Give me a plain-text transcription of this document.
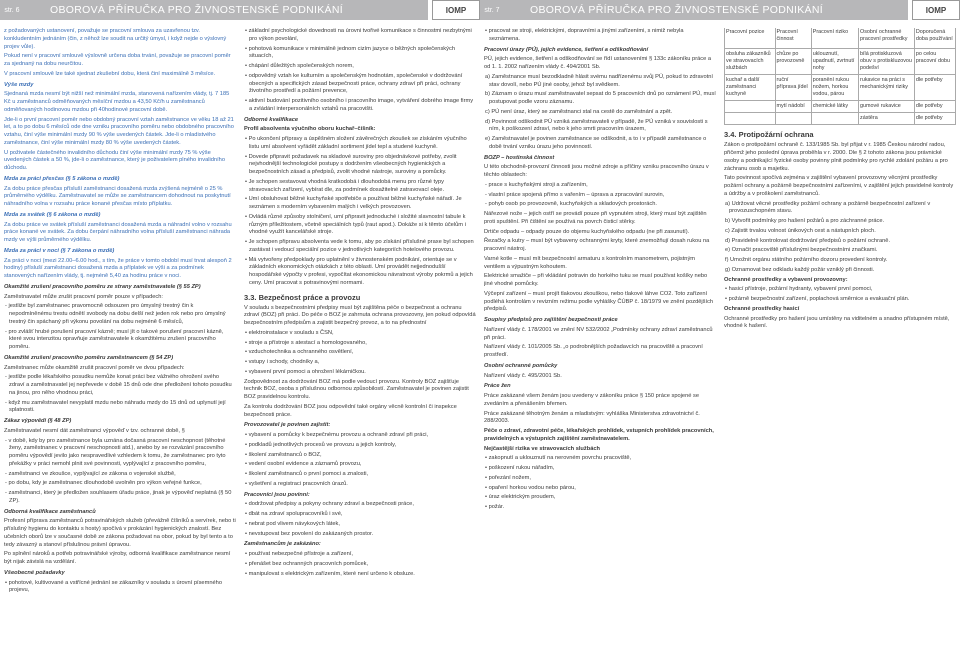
str. 6	OBOROVÁ PŘÍRUČKA PRO ŽIVNOSTENSKÉ PODNIKÁNÍ	IOMP

z požadovaných ustanovení, považuje se pracovní smlouva za uzavřenou tzv. konkludentním jednáním (čin, z něhož lze soudit na určitý úmysl, i když nejde o výslovný projev vůle).

Pokud není v pracovní smlouvě výslovně určena doba trvání, považuje se pracovní poměr za sjednaný na dobu neurčitou.

V pracovní smlouvě lze také sjednat zkušební dobu, která činí maximálně 3 měsíce.

Výše mzdy

Sjednaná mzda nesmí být nižší než minimální mzda, stanovená nařízením vlády, tj. 7 185 Kč u zaměstnanců odměňovaných měsíční mzdou a 43,50 Kč/h u zaměstnanců odměňovaných hodinovou mzdou při 40hodinové pracovní době.

Jde-li o první pracovní poměr nebo obdobný pracovní vztah zaměstnance ve věku 18 až 21 let, a to po dobu 6 měsíců ode dne vzniku pracovního poměru nebo obdobného pracovního vztahu, činí výše minimální mzdy 90 % výše uvedených částek. Jde-li o mladistvého zaměstnance, činí výše minimální mzdy 80 % výše uvedených částek.

U poživatele částečného invalidního důchodu činí výše minimální mzdy 75 % výše uvedených částek a 50 %, jde-li o zaměstnance, který je poživatelem plného invalidního důchodu.

Mzda za práci přesčas (§ 5 zákona o mzdě)

Za dobu práce přesčas přísluší zaměstnanci dosažená mzda zvýšená nejméně o 25 % průměrného výdělku. Zaměstnavatel se může se zaměstnancem dohodnout na poskytnutí náhradního volna v rozsahu práce konané přesčas místo příplatku.

Mzda za svátek (§ 6 zákona o mzdě)

Za dobu práce ve svátek přísluší zaměstnanci dosažená mzda a náhradní volno v rozsahu práce konané ve svátek. Za dobu čerpání náhradního volna přísluší zaměstnanci náhrada mzdy ve výši průměrného výdělku.

Mzda za práci v noci (§ 7 zákona o mzdě)

Za práci v noci (mezi 22.00–6.00 hod., s tím, že práce v tomto období musí trvat alespoň 2 hodiny) přísluší zaměstnanci dosažená mzda a příplatek ve výši a za podmínek stanovených nařízením vlády, tj. nejméně 5,40 za hodinu práce v noci.

Okamžité zrušení pracovního poměru ze strany zaměstnavatele (§ 55 ZP)

Zaměstnavatel může zrušit pracovní poměr pouze v případech:

- jestliže byl zaměstnanec pravomocně odsouzen pro úmyslný trestný čin k nepodmíněnému trestu odnětí svobody na dobu delší než jeden rok nebo pro úmyslný trestný čin spáchaný při výkonu povolání na dobu nejméně 6 měsíců,

- pro zvlášť hrubé porušení pracovní kázně; musí jít o takové porušení pracovní kázně, které svou intenzitou opravňuje zaměstnavatele k okamžitému zrušení pracovního poměru.

Okamžité zrušení pracovního poměru zaměstnancem (§ 54 ZP)

Zaměstnanec může okamžitě zrušit pracovní poměr ve dvou případech:

- jestliže podle lékařského posudku nemůže konat práci bez vážného ohrožení svého zdraví a zaměstnavatel jej nepřevede v době 15 dnů ode dne předložení tohoto posudku na jinou, pro něho vhodnou práci,

- když mu zaměstnavatel nevyplatil mzdu nebo náhradu mzdy do 15 dnů od uplynutí její splatnosti.

Zákaz výpovědi (§ 48 ZP)

Zaměstnavatel nesmí dát zaměstnanci výpověď v tzv. ochranné době, §

- v době, kdy by pro zaměstnance byla uznána dočasná pracovní neschopnost (těhotné ženy, zaměstnanec v pracovní neschopnosti atd.), anebo by se rozvázání pracovního poměru výpovědí jevilo jako nespravedlivé vzhledem k tomu, že zaměstnanec pro tyto překážky v práci nemohl plnit své povinnosti, vyplývající z pracovního poměru,

- zaměstnanci ve zkoušce, vyplývající ze zákona o vojenské službě,

- po dobu, kdy je zaměstnanec dlouhodobě uvolněn pro výkon veřejné funkce,

- zaměstnanci, který je předložen souhlasem úřadu práce, jinak je výpověď neplatná (§ 50 ZP).

Odborná kvalifikace zaměstnanců

Profesní příprava zaměstnanců potravinářských služeb (převážně číšníků a servírek, nebo ti příslušný hygienu do kontaktu s hosty) spočívá v prokázání hygienických znalostí. Bez učebních oborů lze v současné době ze zákona požadovat na obor, pokud by byl tento a to tedy závazný a stanoví příslušnou právní úpravou.

Po splnění nároků a potřeb potravinářské výroby, odborná kvalifikace zaměstnance nesmí být nijak závislá na vzdělání.

Všeobecné požadavky

• pohotové, kultivované a vstřícné jednání se zákazníky v souladu s úrovní písemného projevu,

• základní psychologické dovednosti na úrovni tvořivé komunikace s činnostmi nezbytnými pro výkon povolání,

• pohotová komunikace v minimálně jednom cizím jazyce o běžných společenských situacích,

• chápání důležitých společenských norem,

• odpovědný vztah ke kulturním a společenským hodnotám, společenské v dodržování obecných a specifických zásad bezpečnosti práce, ochrany zdraví při práci, ochrany životního prostředí a požární prevence,

• aktivní budování pozitivního osobního i pracovního image, vytváření dobrého image firmy a zvládání interpersonálních vztahů na pracovišti.

Odborné kvalifikace

Profil absolventa výučního oboru kuchař–číšník:

• Po ukončení přípravy a úspěšném složení závěrečných zkoušek se získáním výučního listu umí absolvent vyřádět základní sortiment jídel tepl a studené kuchyně.

• Dovede připravit požadavek na skladové suroviny pro objednávkové potřeby, zvolit nejvhodnější technologické postupy s dodržením všeobecných hygienických a bezpečnostních zásad a předpisů, zvolit vhodné nástroje, suroviny a pomůcky.

• Je schopen sestavovat vhodná kratkodobá i dlouhodobá menu pro různé typy stravovacích zařízení, vybírat dle, za podmínek dosažitelné zatravovací oleje.

• Umí obsluhovat běžné kuchyňské spotřebiče a používat běžné kuchyňské nářadí. Je seznámen s moderním vybavením malých i velkých provozoven.

• Ovládá různé způsoby stolničení, umí připravit jednoduché i složité slavnostní tabule k různým příležitostem, včetně speciálních typů (raut apod.). Dokáže si k těmto účelům i vhodné využít kancelářské stroje.

• Je schopen připravu absolventa vede k tomu, aby po získání příslušné praxe byl schopen zastávat i vedoucí speciální pozice v jednotlivých kategoriích hotelového provozu.

• Má vytvořeny předpoklady pro uplatnění v živnostenském podnikání, orientuje se v základních ekonomických otázkách z této oblasti. Umí provádět nejjednodušší hospodářské výpočty v profesi, vypočítat ekonomickou návratnost výroby pokrmů a jejich ceny. Umí pracovat s potravinovými normami.

3.3. Bezpečnost práce a provozu

V souladu s bezpečnostními předpisy musí být zajištěna péče o bezpečnost a ochranu zdraví (BOZ) při práci. Do péče o BOZ je zahrnuta ochrana provozovny, jen pokud odpovídá bezpečnostním předpisům a zajistit bezpečný provoz, a to na přednostní

• elektroinstalace v souladu s ČSN,

• stroje a přístroje s atestací a homologovaného,

• vzduchotechnika a ochranného osvětlení,

• vstupy i schody, chodníky a,

• vybavení první pomoci a ohrožení lékárničkou.

Zodpovědnost za dodržování BOZ má podle vedoucí provozu. Kontroly BOZ zajišťuje technik BOZ, osoba s příslušnou odbornou způsobilostí. Zaměstnavatel je povinen zajistit BOZ pravidelnou kontrolu.

Za kontrolu dodržování BOZ jsou odpovědní také orgány věcně kontrolní či inspekce bezpečnosti práce.

Provozovatel je povinen zajistit:

• vybavení a pomůcky k bezpečnému provozu a ochraně zdraví při práci,

• podkladů jednotlivých procesů ve provozu a jejich kontroly,

• školení zaměstnanců o BOZ,

• vedení osobní evidence a záznamů provozu,

• školení zaměstnanců o první pomoci a znalosti,

• vyšetření a registraci pracovních úrazů.

Pracovníci jsou povinni:

• dodržovat předpisy a pokyny ochrany zdraví a bezpečnosti práce,

• dbát na zdraví spolupracovníků i své,

• nebrat pod vlivem návykových látek,

• nevstupovat bez povolení do zakázaných prostor.

Zaměstnancům je zakázáno:

• používat nebezpečné přístroje a zařízení,

• přenášet bez ochranných pracovních pomůcek,

• manipulovat s elektrickým zařízením, které není určeno k obsluze.

str. 7	OBOROVÁ PŘÍRUČKA PRO ŽIVNOSTENSKÉ PODNIKÁNÍ	IOMP

• pracovat se stroji, elektrickými, dopravními a jinými zařízeními, s nimiž nebyla seznámena.

Pracovní úrazy (PÚ), jejich evidence, šetření a odškodňování

PÚ, jejich evidence, šetření a odškodňování se řídí ustanoveními § 133c zákoníku práce a od 1. 1. 2002 nařízením vlády č. 494/2001 Sb.

a) Zaměstnance musí bezodkladně hlásit svému nadřízenému svůj PÚ, pokud to zdravotní stav dovolí, nebo PÚ jiné osoby, jehož byl svědkem.

b) Záznam o úrazu musí zaměstnavatel sepsat do 5 pracovních dnů po oznámení PÚ, musí postupovat podle vzoru záznamu.

c) PÚ není úraz, který se zaměstnanci stal na cestě do zaměstnání a zpět.

d) Povinnost odškodnit PÚ vzniká zaměstnavateli v případě, že PÚ vzniká v souvislosti s ním, k poškození zdraví, nebo k jeho smrti pracovním úrazem,

e) Zaměstnavatel je povinen zaměstnance se odškodnit, a to i v případě zaměstnance o době trvání vzniku úrazu jeho povinností.

BOZP – hostinská činnost

U této obchodně-provozní činnosti jsou možné zdroje a příčiny vzniku pracovního úrazu v těchto oblastech:

- prace s kuchyňskými stroji a zařízením,

- vlastní práce spojená přímo s vařením – úprava a zpracování surovin,

- pohyb osob po provozovně, kuchyňských a skladových prostorách.

Nářezové nože – jejich ostří se provádí pouze při vypnutém stroji, který musí být zajištěn proti spuštění. Při čištění se používá na povrch čisticí stěrky.

Drtiče odpadu – odpady pouze do objemu kuchyňského odpadu (ne při zasunutí).

Řezačky a kutry – musí být vybaveny ochrannými kryty, které znemožňují dosah rukou na pracovní nástroj.

Varné kotle – musí mít bezpečnostní armaturu s kontrolním manometrem, pojistným ventilem a výpustným kohoutem.

Elektrické smažiče – při vkládání potravin do horkého tuku se musí používat košíky nebo jiné vhodné pomůcky.

Výčepní zařízení – musí projít tlakovou zkouškou, nebo tlakové láhve CO2. Toto zařízení podléhá kontrolám v revizním režimu podle vyhlášky ČÚBP č. 18/1979 ve znění pozdějších předpisů.

Soupisy předpisů pro zajištění bezpečnosti práce

Nařízení vlády č. 178/2001 ve znění NV 532/2002 „Podmínky ochrany zdraví zaměstnanců při práci.

Nařízení vlády č. 101/2005 Sb. „o podrobnějších požadavcích na pracoviště a pracovní prostředí.

Osobní ochranné pomůcky

Nařízení vlády č. 495/2001 Sb.

Práce žen

Práce zakázané všem ženám jsou uvedeny v zákoníku práce § 150 práce spojené se zvedáním a přenášením břemen.

Práce zakázané těhotným ženám a mladistvým: vyhláška Ministerstva zdravotnictví č. 288/2003.

Péče o zdraví, zdravotní péče, lékařských prohlídek, vstupních prohlídek pracovních, pravidelných a výstupních zajištění zaměstnavatelem.

Nejčastější rizika ve stravovacích službách

• zakopnutí a uklouznutí na nerovném povrchu pracoviště,

• poškození rukou nářadím,

• pořezání nožem,

• opaření horkou vodou nebo párou,

• úraz elektrickým proudem,

• požár.

Pracovní pozice	Pracovní činnost	Pracovní riziko	Osobní ochranné pracovní prostředky	Doporučená doba používání
obsluha zákazníků ve stravovacích službách	chůze po provozovně	uklouznutí, upadnutí, zvrtnutí nohy	bílá protiskluzová obuv s protiskluzovou podešví	po celou pracovní dobu
kuchař a další zaměstnanci kuchyně	ruční příprava jídel	poranění rukou nožem, horkou vodou, párou	rukavice na práci s mechanickými riziky	dle potřeby
	mytí nádobí	chemické látky	gumové rukavice	dle potřeby
			zástěra	dle potřeby

3.4. Protipožární ochrana

Zákon o protipožární ochraně č. 133/1985 Sb. byl přijat v r. 1985 Českou národní radou, přičemž jeho poslední úprava proběhla v r. 2000. Dle § 2 tohoto zákona jsou právnické osoby a podnikající fyzické osoby povinny plnit podmínky pro rychlé zdolání požáru a pro záchranu osob a majetku.

Tato povinnost spočívá zejména v zajištění vybavení provozovny věcnými prostředky požární ochrany a požárně bezpečnostními zařízeními, v zajištění jejich pravidelné kontroly a údržby a v proškolení zaměstnanců.

a) Udržovat věcné prostředky požární ochrany a požárně bezpečnostní zařízení v provozuschopném stavu.

b) Vytvořit podmínky pro hašení požárů a pro záchranné práce.

c) Zajistit trvalou volnost únikových cest a nástupních ploch.

d) Pravidelně kontrolovat dodržování předpisů o požární ochraně.

e) Označit pracoviště příslušnými bezpečnostními značkami.

f) Umožnit orgánu státního požárního dozoru provedení kontroly.

g) Oznamovat bez odkladu každý požár vzniklý při činnosti.

Ochranné prostředky a vybavení provozovny:

• hasicí přístroje, požární hydranty, vybavení první pomoci,

• požárně bezpečnostní zařízení, poplachová směrnice a evakuační plán.

Ochranné prostředky hasicí

Ochranné prostředky pro hašení jsou umístěny na viditelném a snadno přístupném místě, vhodné k hašení.
